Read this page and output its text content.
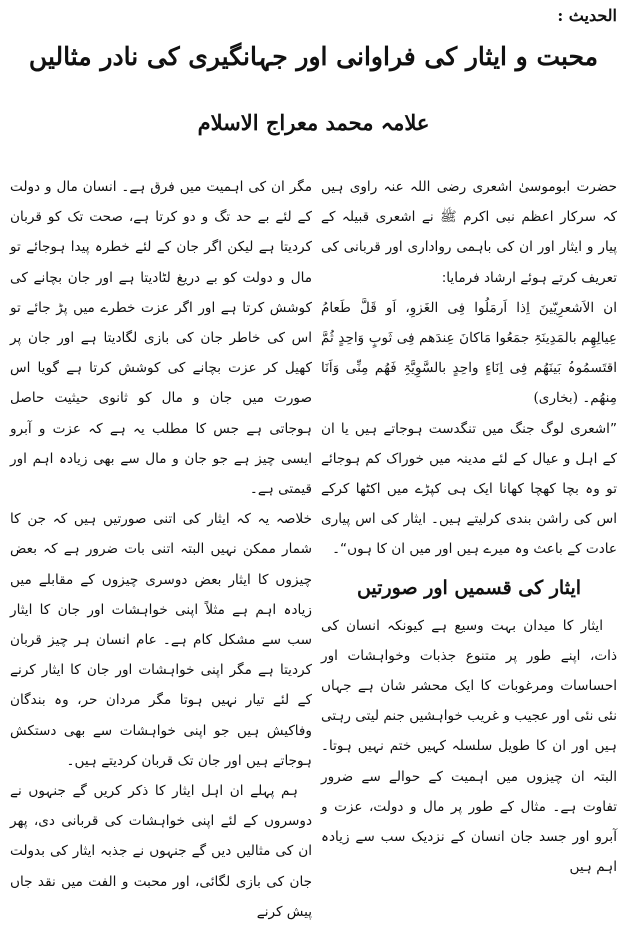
الحدیث :
محبت و ایثار کی فراوانی اور جہانگیری کی نادر مثالیں
علامہ محمد معراج الاسلام

حضرت ابوموسیٰ اشعری رضی اللہ عنہ راوی ہیں کہ سرکار اعظم نبی اکرم ﷺ نے اشعری قبیلہ کے پیار و ایثار اور ان کی باہمی رواداری اور قربانی کی تعریف کرتے ہوئے ارشاد فرمایا:

ان الاَشعرِیّینَ اِذا اَرمَلُوا فِی الغَزوِ، اَو قَلَّ طَعامُ عِیالِھِم بالمَدِینَۃِ جمَعُوا مَاکانَ عِندَھم فِی ثَوبٍ وَاحِدٍ ثُمَّ اقتَسمُوہُ بَینَھُم فِی اِنَاءٍ واحِدٍ بالسَّوِیَّۃِ فَھُم مِنِّی وَاَنَا مِنھُم۔ (بخاری)

”اشعری لوگ جنگ میں تنگدست ہوجاتے ہیں یا ان کے اہل و عیال کے لئے مدینہ میں خوراک کم ہوجائے تو وہ بچا کھچا کھانا ایک ہی کپڑے میں اکٹھا کرکے اس کی راشن بندی کرلیتے ہیں۔ ایثار کی اس پیاری عادت کے باعث وہ میرے ہیں اور میں ان کا ہوں“۔

ایثار کی قسمیں اور صورتیں

ایثار کا میدان بہت وسیع ہے کیونکہ انسان کی ذات، اپنے طور پر متنوع جذبات وخواہشات اور احساسات ومرغوبات کا ایک محشر شان ہے جہاں نئی نئی اور عجیب و غریب خواہشیں جنم لیتی رہتی ہیں اور ان کا طویل سلسلہ کہیں ختم نہیں ہوتا۔ البتہ ان چیزوں میں اہمیت کے حوالے سے ضرور تفاوت ہے۔ مثال کے طور پر مال و دولت، عزت و آبرو اور جسد جان انسان کے نزدیک سب سے زیادہ اہم ہیں

مگر ان کی اہمیت میں فرق ہے۔ انسان مال و دولت کے لئے بے حد تگ و دو کرتا ہے، صحت تک کو قربان کردیتا ہے لیکن اگر جان کے لئے خطرہ پیدا ہوجائے تو مال و دولت کو بے دریغ لٹادیتا ہے اور جان بچانے کی کوشش کرتا ہے اور اگر عزت خطرے میں پڑ جائے تو اس کی خاطر جان کی بازی لگادیتا ہے اور جان پر کھیل کر عزت بچانے کی کوشش کرتا ہے گویا اس صورت میں جان و مال کو ثانوی حیثیت حاصل ہوجاتی ہے جس کا مطلب یہ ہے کہ عزت و آبرو ایسی چیز ہے جو جان و مال سے بھی زیادہ اہم اور قیمتی ہے۔

خلاصہ یہ کہ ایثار کی اتنی صورتیں ہیں کہ جن کا شمار ممکن نہیں البتہ اتنی بات ضرور ہے کہ بعض چیزوں کا ایثار بعض دوسری چیزوں کے مقابلے میں زیادہ اہم ہے مثلاً اپنی خواہشات اور جان کا ایثار سب سے مشکل کام ہے۔ عام انسان ہر چیز قربان کردیتا ہے مگر اپنی خواہشات اور جان کا ایثار کرنے کے لئے تیار نہیں ہوتا مگر مردان حر، وہ بندگان وفاکیش ہیں جو اپنی خواہشات سے بھی دستکش ہوجاتے ہیں اور جان تک قربان کردیتے ہیں۔

ہم پہلے ان اہل ایثار کا ذکر کریں گے جنہوں نے دوسروں کے لئے اپنی خواہشات کی قربانی دی، پھر ان کی مثالیں دیں گے جنہوں نے جذبہ ایثار کی بدولت جان کی بازی لگائی، اور محبت و الفت میں نقد جاں پیش کرنے
